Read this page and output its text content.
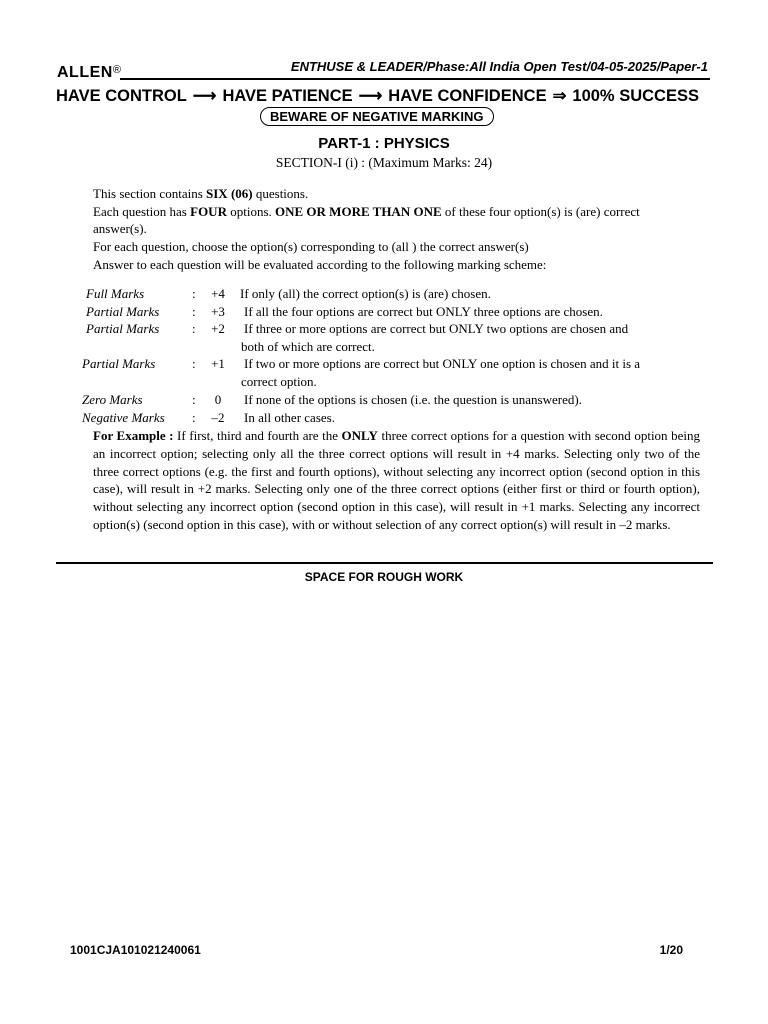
ENTHUSE & LEADER/Phase:All India Open Test/04-05-2025/Paper-1
ALLEN®
HAVE CONTROL ⟶ HAVE PATIENCE ⟶ HAVE CONFIDENCE ⇒ 100% SUCCESS
BEWARE OF NEGATIVE MARKING
PART-1 : PHYSICS
SECTION-I (i) : (Maximum Marks: 24)
This section contains SIX (06) questions.
Each question has FOUR options. ONE OR MORE THAN ONE of these four option(s) is (are) correct
answer(s).
For each question, choose the option(s) corresponding to (all ) the correct answer(s)
Answer to each question will be evaluated according to the following marking scheme:
Full Marks	:	+4	If only (all) the correct option(s) is (are) chosen.
Partial Marks	:	+3	If all the four options are correct but ONLY three options are chosen.
Partial Marks	:	+2	If three or more options are correct but ONLY two options are chosen and
both of which are correct.
Partial Marks	:	+1	If two or more options are correct but ONLY one option is chosen and it is a
correct option.
Zero Marks	:	0	If none of the options is chosen (i.e. the question is unanswered).
Negative Marks :	–2	In all other cases.
For Example : If first, third and fourth are the ONLY three correct options for a question with second option being an incorrect option; selecting only all the three correct options will result in +4 marks. Selecting only two of the three correct options (e.g. the first and fourth options), without selecting any incorrect option (second option in this case), will result in +2 marks. Selecting only one of the three correct options (either first or third or fourth option), without selecting any incorrect option (second option in this case), will result in +1 marks. Selecting any incorrect option(s) (second option in this case), with or without selection of any correct option(s) will result in –2 marks.
SPACE FOR ROUGH WORK
1001CJA101021240061	1/20
